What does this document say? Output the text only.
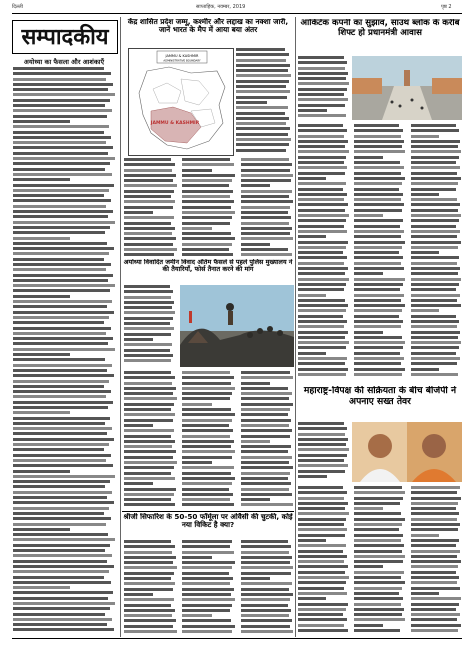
दिल्ली	साप्ताहिक, नवम्बर, 2019	पृष्ठ 2
सम्पादकीय
अयोध्या का फैसला और आशंकाएँ
केंद्र शासित प्रदेश जम्मू, कश्मीर और लद्दाख का नक्शा जारी, जानें भारत के मैप में आया बया अंतर
JAMMU & KASHMIR
ADMINISTRATIVE BOUNDARY
JAMMU & KASHMIR
अयोध्या विवादित जमीन विवाद अंतिम फैसले से पहले पुलिस मुख्यालय ने की तैयारियाँ, फोर्स तैनात करने की मांग
श्रीजी सिफारिश के 50-50 फॉर्मूला पर ओवैसी की चुटकी, कोई नया विकिट है क्या?
आर्किटेक कंपनी का सुझाव, साउथ ब्लॉक के करीब शिफ्ट हो प्रधानमंत्री आवास
महाराष्ट्र-विपक्ष की सक्रियता के बीच बीजेपी ने अपनाए सख्त तेवर
